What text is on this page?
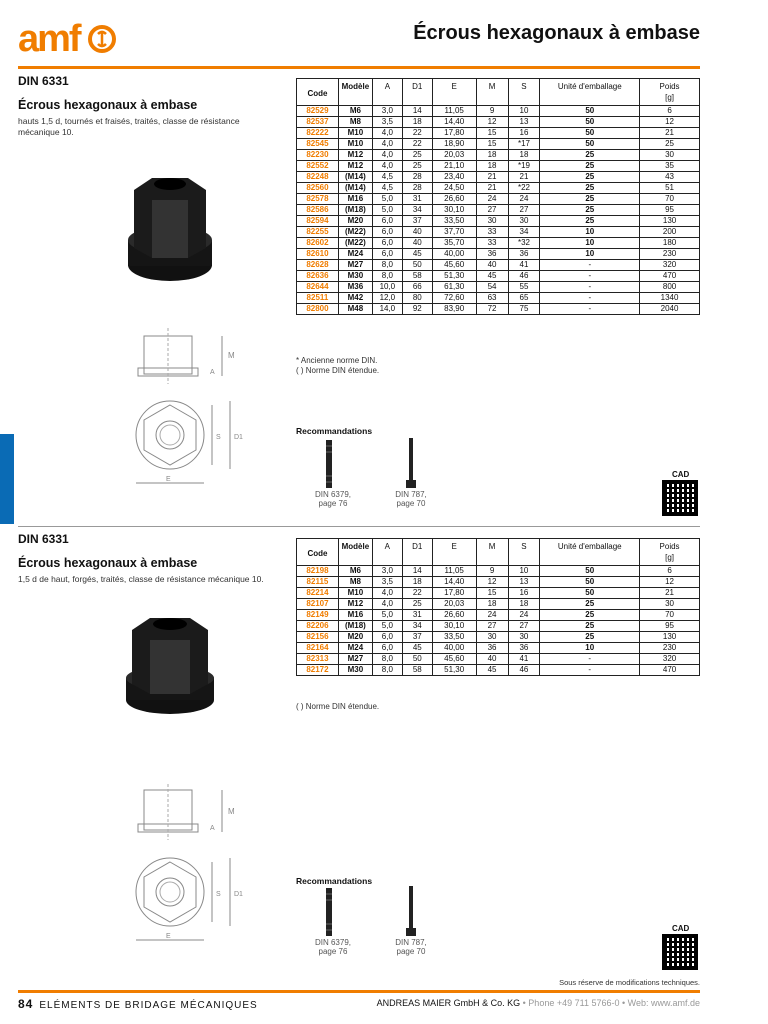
amf	Écrous hexagonaux à embase
DIN 6331
Écrous hexagonaux à embase
hauts 1,5 d, tournés et fraisés, traités, classe de résistance mécanique 10.
M
A
S D1
E
Code	Modèle	A	D1	E	M	S	Unité d'emballage	Poids
								[g]
82529	M6	3,0	14	11,05	9	10	50	6
82537	M8	3,5	18	14,40	12	13	50	12
82222	M10	4,0	22	17,80	15	16	50	21
82545	M10	4,0	22	18,90	15	*17	50	25
82230	M12	4,0	25	20,03	18	18	25	30
82552	M12	4,0	25	21,10	18	*19	25	35
82248	(M14)	4,5	28	23,40	21	21	25	43
82560	(M14)	4,5	28	24,50	21	*22	25	51
82578	M16	5,0	31	26,60	24	24	25	70
82586	(M18)	5,0	34	30,10	27	27	25	95
82594	M20	6,0	37	33,50	30	30	25	130
82255	(M22)	6,0	40	37,70	33	34	10	200
82602	(M22)	6,0	40	35,70	33	*32	10	180
82610	M24	6,0	45	40,00	36	36	10	230
82628	M27	8,0	50	45,60	40	41	-	320
82636	M30	8,0	58	51,30	45	46	-	470
82644	M36	10,0	66	61,30	54	55	-	800
82511	M42	12,0	80	72,60	63	65	-	1340
82800	M48	14,0	92	83,90	72	75	-	2040
* Ancienne norme DIN.
( ) Norme DIN étendue.
Recommandations
DIN 6379,
page 76
DIN 787,
page 70
CAD
DIN 6331
Écrous hexagonaux à embase
1,5 d de haut, forgés, traités, classe de résistance mécanique 10.
M
A
S D1
E
Code	Modèle	A	D1	E	M	S	Unité d'emballage	Poids
								[g]
82198	M6	3,0	14	11,05	9	10	50	6
82115	M8	3,5	18	14,40	12	13	50	12
82214	M10	4,0	22	17,80	15	16	50	21
82107	M12	4,0	25	20,03	18	18	25	30
82149	M16	5,0	31	26,60	24	24	25	70
82206	(M18)	5,0	34	30,10	27	27	25	95
82156	M20	6,0	37	33,50	30	30	25	130
82164	M24	6,0	45	40,00	36	36	10	230
82313	M27	8,0	50	45,60	40	41	-	320
82172	M30	8,0	58	51,30	45	46	-	470
( ) Norme DIN étendue.
Recommandations
DIN 6379,
page 76
DIN 787,
page 70
CAD
Sous réserve de modifications techniques.
84 ELÉMENTS DE BRIDAGE MÉCANIQUES	ANDREAS MAIER GmbH & Co. KG • Phone +49 711 5766-0 • Web: www.amf.de
